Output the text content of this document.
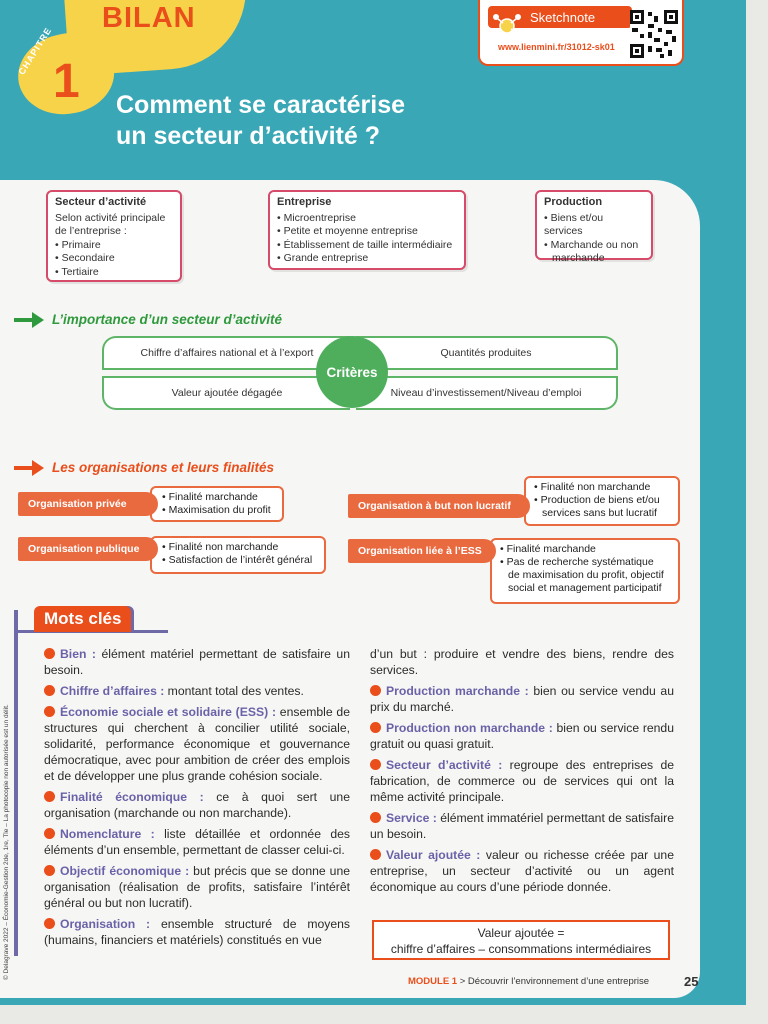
BILAN
CHAPITRE
1 Comment se caractérise
un secteur d’activité ?
Sketchnote
www.lienmini.fr/31012-sk01
Secteur d’activité
Selon activité principale
de l’entreprise :
• Primaire
• Secondaire
• Tertiaire
Entreprise
• Microentreprise
• Petite et moyenne entreprise
• Établissement de taille intermédiaire
• Grande entreprise
Production
• Biens et/ou services
• Marchande ou non
marchande
L’importance d’un secteur d’activité
Chiffre d’affaires national et à l’export
Valeur ajoutée dégagée
Quantités produites
Niveau d’investissement/Niveau d’emploi
Critères
Les organisations et leurs finalités
• Finalité marchande
• Maximisation du profit
Organisation privée
• Finalité non marchande
• Satisfaction de l’intérêt général
Organisation publique
• Finalité non marchande
• Production de biens et/ou
services sans but lucratif
Organisation à but non lucratif
• Finalité marchande
• Pas de recherche systématique
de maximisation du profit, objectif
social et management participatif
Organisation liée à l’ESS
Mots clés

Bien : élément matériel permettant de satisfaire un besoin.

Chiffre d’affaires : montant total des ventes.

Économie sociale et solidaire (ESS) : ensemble de structures qui cherchent à concilier utilité sociale, solidarité, performance économique et gouvernance démocratique, avec pour ambition de créer des emplois et de développer une plus grande cohésion sociale.

Finalité économique : ce à quoi sert une organisation (marchande ou non marchande).

Nomenclature : liste détaillée et ordonnée des éléments d’un ensemble, permettant de classer celui-ci.

Objectif économique : but précis que se donne une organisation (réalisation de profits, satisfaire l’intérêt général ou but non lucratif).

Organisation : ensemble structuré de moyens (humains, financiers et matériels) constitués en vue

d’un but : produire et vendre des biens, rendre des services.

Production marchande : bien ou service vendu au prix du marché.

Production non marchande : bien ou service rendu gratuit ou quasi gratuit.

Secteur d’activité : regroupe des entreprises de fabrication, de commerce ou de services qui ont la même activité principale.

Service : élément immatériel permettant de satisfaire un besoin.

Valeur ajoutée : valeur ou richesse créée par une entreprise, un secteur d’activité ou un agent économique au cours d’une période donnée.

Valeur ajoutée =
chiffre d’affaires – consommations intermédiaires
© Delagrave 2022 – Économie-Gestion 2de, 1re, Tle – La photocopie non autorisée est un délit.
MODULE 1 > Découvrir l’environnement d’une entreprise	25
